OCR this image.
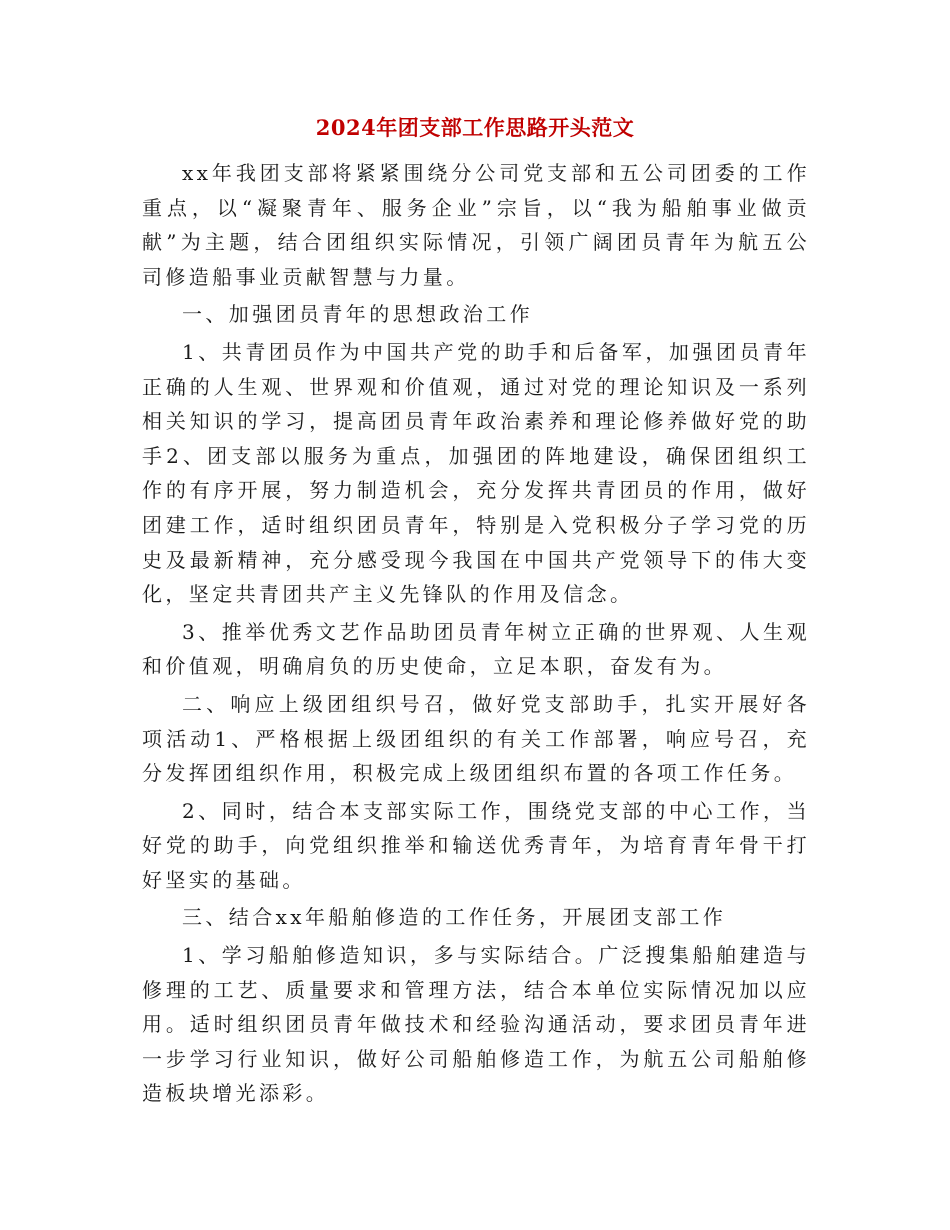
2024年团支部工作思路开头范文

xx年我团支部将紧紧围绕分公司党支部和五公司团委的工作重点，以“凝聚青年、服务企业”宗旨，以“我为船舶事业做贡献”为主题，结合团组织实际情况，引领广阔团员青年为航五公司修造船事业贡献智慧与力量。

一、加强团员青年的思想政治工作

1、共青团员作为中国共产党的助手和后备军，加强团员青年正确的人生观、世界观和价值观，通过对党的理论知识及一系列相关知识的学习，提高团员青年政治素养和理论修养做好党的助手2、团支部以服务为重点，加强团的阵地建设，确保团组织工作的有序开展，努力制造机会，充分发挥共青团员的作用，做好团建工作，适时组织团员青年，特别是入党积极分子学习党的历史及最新精神，充分感受现今我国在中国共产党领导下的伟大变化，坚定共青团共产主义先锋队的作用及信念。

3、推举优秀文艺作品助团员青年树立正确的世界观、人生观和价值观，明确肩负的历史使命，立足本职，奋发有为。

二、响应上级团组织号召，做好党支部助手，扎实开展好各项活动1、严格根据上级团组织的有关工作部署，响应号召，充分发挥团组织作用，积极完成上级团组织布置的各项工作任务。

2、同时，结合本支部实际工作，围绕党支部的中心工作，当好党的助手，向党组织推举和输送优秀青年，为培育青年骨干打好坚实的基础。

三、结合xx年船舶修造的工作任务，开展团支部工作

1、学习船舶修造知识，多与实际结合。广泛搜集船舶建造与修理的工艺、质量要求和管理方法，结合本单位实际情况加以应用。适时组织团员青年做技术和经验沟通活动，要求团员青年进一步学习行业知识，做好公司船舶修造工作，为航五公司船舶修造板块增光添彩。
